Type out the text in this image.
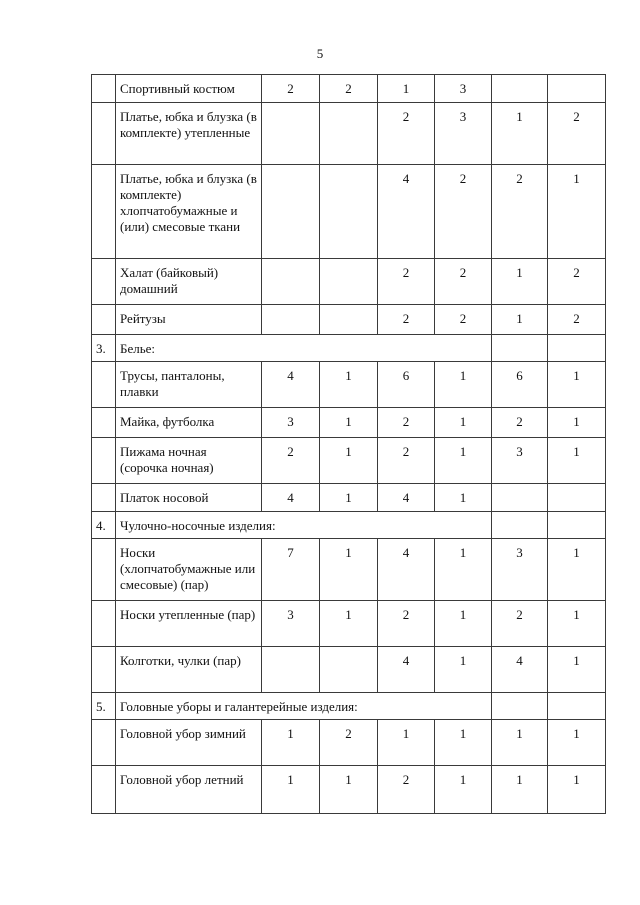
5
	Спортивный костюм	2	2	1	3		
	Платье, юбка и блузка (в комплекте) утепленные			2	3	1	2
	Платье, юбка и блузка (в комплекте) хлопчатобумажные и (или) смесовые ткани			4	2	2	1
	Халат (байковый) домашний			2	2	1	2
	Рейтузы			2	2	1	2
3.	Белье:						
	Трусы, панталоны, плавки	4	1	6	1	6	1
	Майка, футболка	3	1	2	1	2	1
	Пижама ночная (сорочка ночная)	2	1	2	1	3	1
	Платок носовой	4	1	4	1		
4.	Чулочно-носочные изделия:						
	Носки (хлопчатобумажные или смесовые) (пар)	7	1	4	1	3	1
	Носки утепленные (пар)	3	1	2	1	2	1
	Колготки, чулки (пар)			4	1	4	1
5.	Головные уборы и галантерейные изделия:						
	Головной убор зимний	1	2	1	1	1	1
	Головной убор летний	1	1	2	1	1	1
